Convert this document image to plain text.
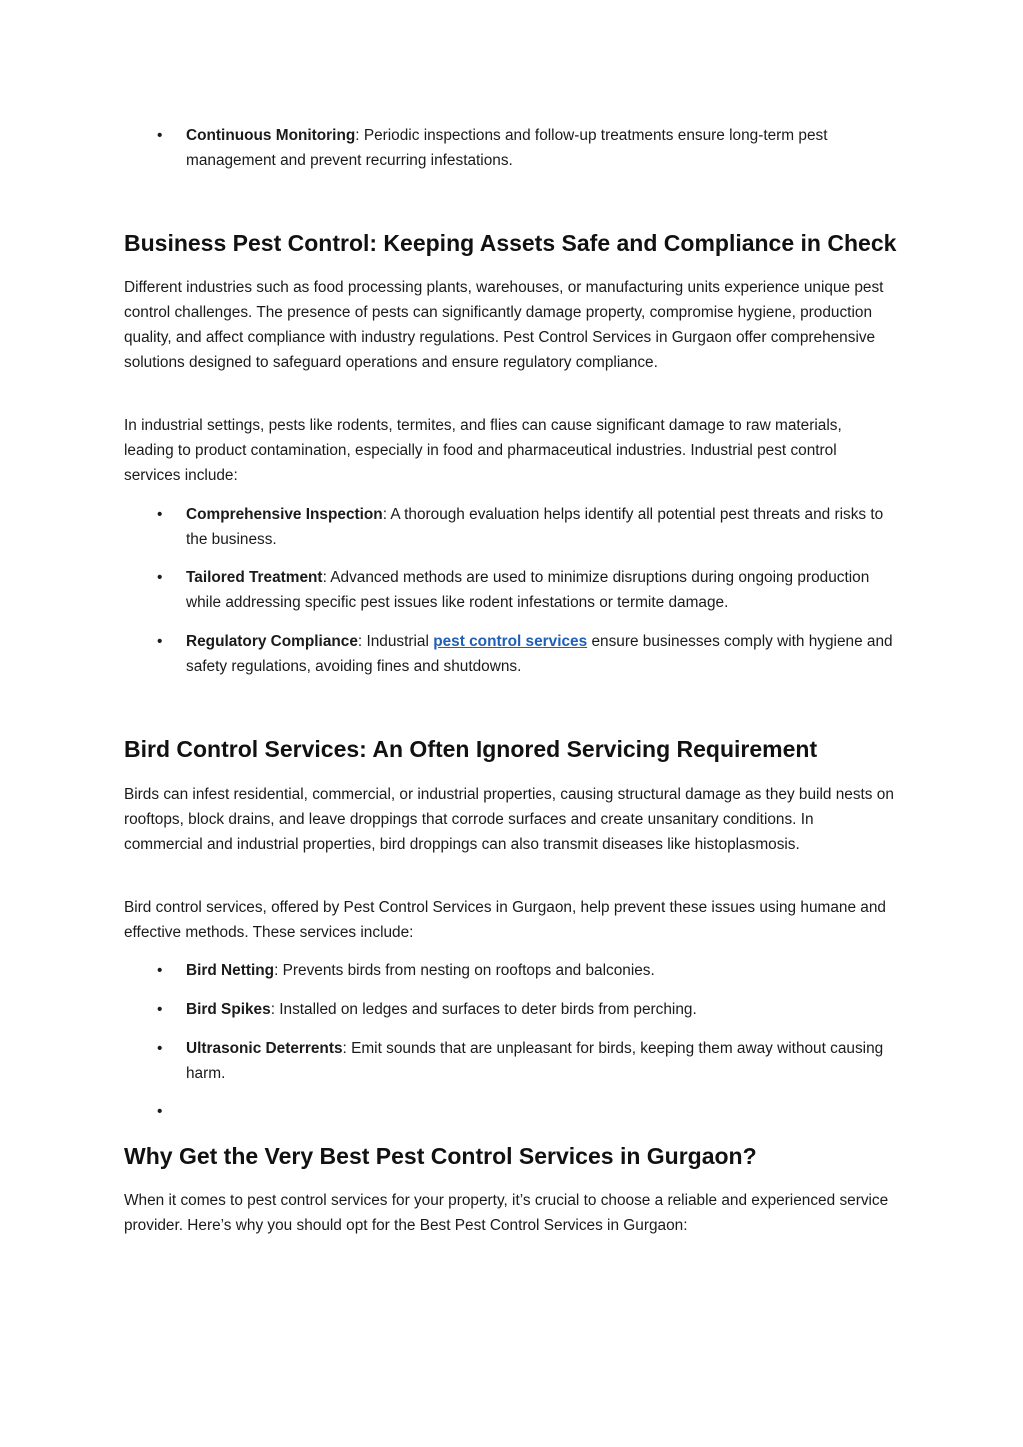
• Continuous Monitoring: Periodic inspections and follow-up treatments ensure long-term pest management and prevent recurring infestations.
Business Pest Control: Keeping Assets Safe and Compliance in Check

Different industries such as food processing plants, warehouses, or manufacturing units experience unique pest control challenges. The presence of pests can significantly damage property, compromise hygiene, production quality, and affect compliance with industry regulations. Pest Control Services in Gurgaon offer comprehensive solutions designed to safeguard operations and ensure regulatory compliance.

In industrial settings, pests like rodents, termites, and flies can cause significant damage to raw materials, leading to product contamination, especially in food and pharmaceutical industries. Industrial pest control services include:

• Comprehensive Inspection: A thorough evaluation helps identify all potential pest threats and risks to the business.
• Tailored Treatment: Advanced methods are used to minimize disruptions during ongoing production while addressing specific pest issues like rodent infestations or termite damage.
• Regulatory Compliance: Industrial pest control services ensure businesses comply with hygiene and safety regulations, avoiding fines and shutdowns.
Bird Control Services: An Often Ignored Servicing Requirement

Birds can infest residential, commercial, or industrial properties, causing structural damage as they build nests on rooftops, block drains, and leave droppings that corrode surfaces and create unsanitary conditions. In commercial and industrial properties, bird droppings can also transmit diseases like histoplasmosis.

Bird control services, offered by Pest Control Services in Gurgaon, help prevent these issues using humane and effective methods. These services include:

• Bird Netting: Prevents birds from nesting on rooftops and balconies.
• Bird Spikes: Installed on ledges and surfaces to deter birds from perching.
• Ultrasonic Deterrents: Emit sounds that are unpleasant for birds, keeping them away without causing harm.
•
Why Get the Very Best Pest Control Services in Gurgaon?

When it comes to pest control services for your property, it’s crucial to choose a reliable and experienced service provider. Here’s why you should opt for the Best Pest Control Services in Gurgaon:
